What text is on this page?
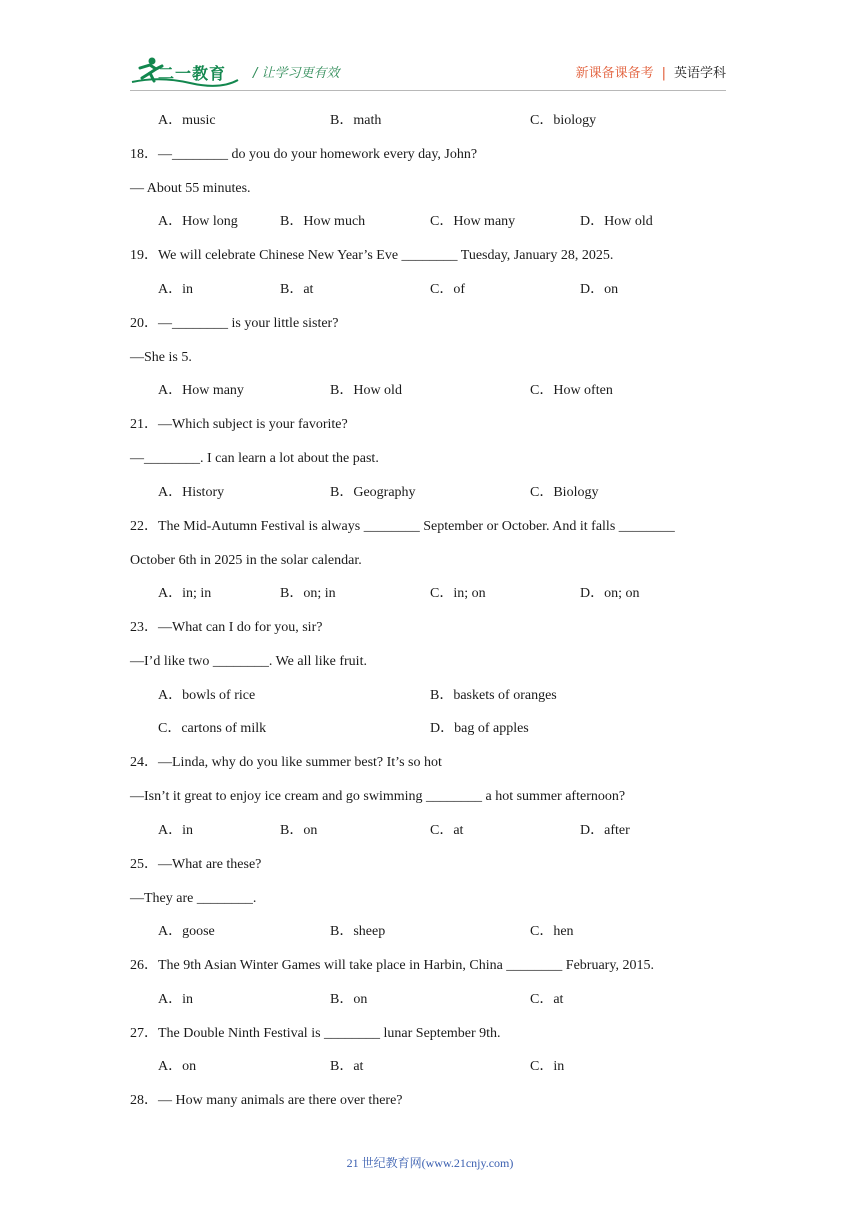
二一教育 / 让学习更有效	新课备课备考 | 英语学科
A．music	B．math	C．biology
18．—________ do you do your homework every day, John?
— About 55 minutes.
A．How long	B．How much	C．How many	D．How old
19．We will celebrate Chinese New Year’s Eve ________ Tuesday, January 28, 2025.
A．in	B．at	C．of	D．on
20．—________ is your little sister?
—She is 5.
A．How many	B．How old	C．How often
21．—Which subject is your favorite?
—________. I can learn a lot about the past.
A．History	B．Geography	C．Biology
22．The Mid-Autumn Festival is always ________ September or October. And it falls ________
October 6th in 2025 in the solar calendar.
A．in; in	B．on; in	C．in; on	D．on; on
23．—What can I do for you, sir?
—I’d like two ________. We all like fruit.
A．bowls of rice	B．baskets of oranges
C．cartons of milk	D．bag of apples
24．—Linda, why do you like summer best? It’s so hot
—Isn’t it great to enjoy ice cream and go swimming ________ a hot summer afternoon?
A．in	B．on	C．at	D．after
25．—What are these?
—They are ________.
A．goose	B．sheep	C．hen
26．The 9th Asian Winter Games will take place in Harbin, China ________ February, 2015.
A．in	B．on	C．at
27．The Double Ninth Festival is ________ lunar September 9th.
A．on	B．at	C．in
28．— How many animals are there over there?
21 世纪教育网(www.21cnjy.com)
